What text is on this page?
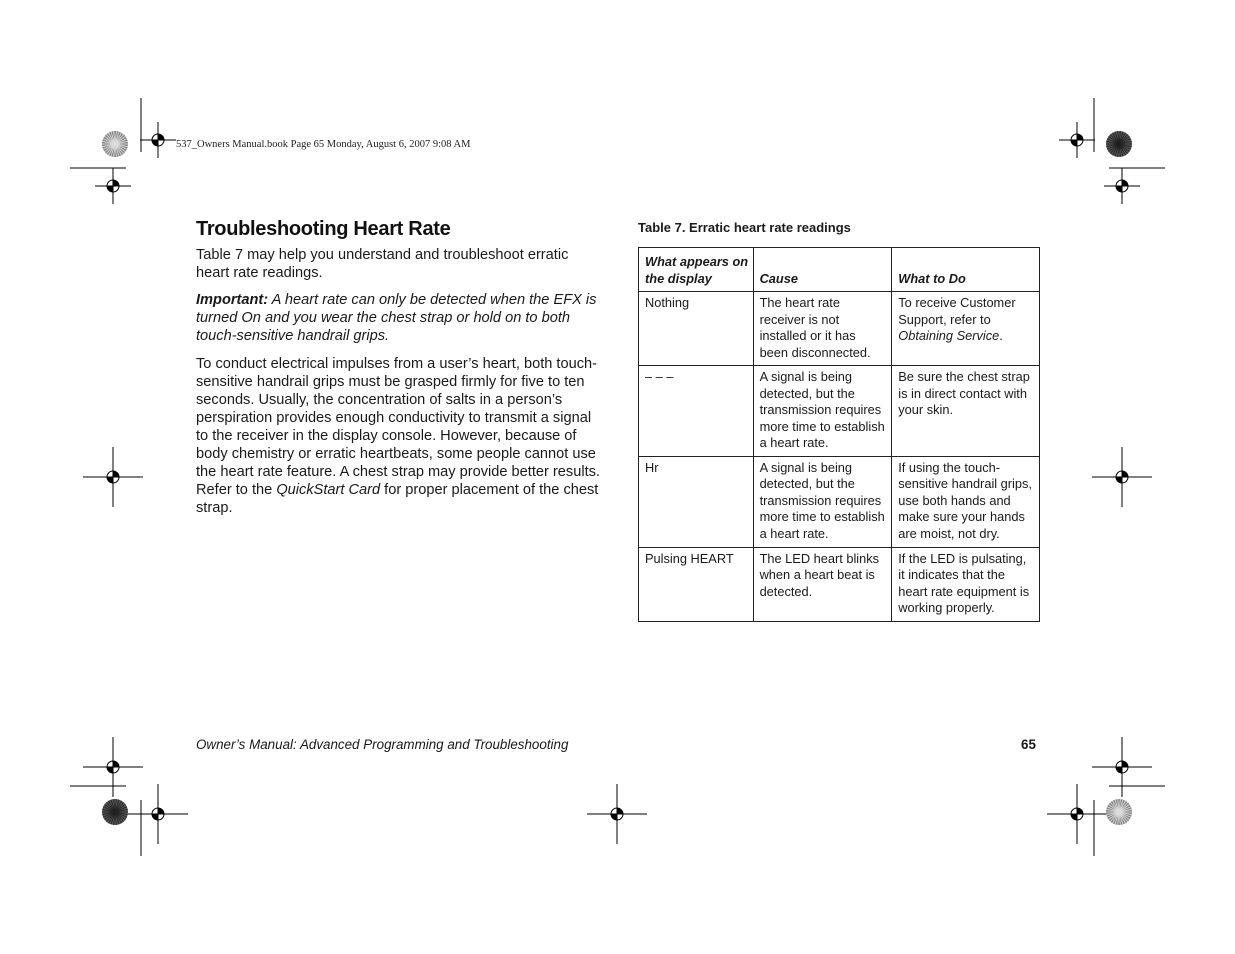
537_Owners Manual.book Page 65 Monday, August 6, 2007 9:08 AM
Troubleshooting Heart Rate

Table 7 may help you understand and troubleshoot erratic heart rate readings.

Important: A heart rate can only be detected when the EFX is turned On and you wear the chest strap or hold on to both touch-sensitive handrail grips.

To conduct electrical impulses from a user’s heart, both touch-sensitive handrail grips must be grasped firmly for five to ten seconds. Usually, the concentration of salts in a person’s perspiration provides enough conductivity to transmit a signal to the receiver in the display console. However, because of body chemistry or erratic heartbeats, some people cannot use the heart rate feature. A chest strap may provide better results. Refer to the QuickStart Card for proper placement of the chest strap.

Table 7. Erratic heart rate readings
What appears on the display	Cause	What to Do
Nothing	The heart rate receiver is not installed or it has been disconnected.	To receive Customer Support, refer to Obtaining Service.
– – –	A signal is being detected, but the transmission requires more time to establish a heart rate.	Be sure the chest strap is in direct contact with your skin.
Hr	A signal is being detected, but the transmission requires more time to establish a heart rate.	If using the touch-sensitive handrail grips, use both hands and make sure your hands are moist, not dry.
Pulsing HEART	The LED heart blinks when a heart beat is detected.	If the LED is pulsating, it indicates that the heart rate equipment is working properly.
Owner’s Manual: Advanced Programming and Troubleshooting	65
